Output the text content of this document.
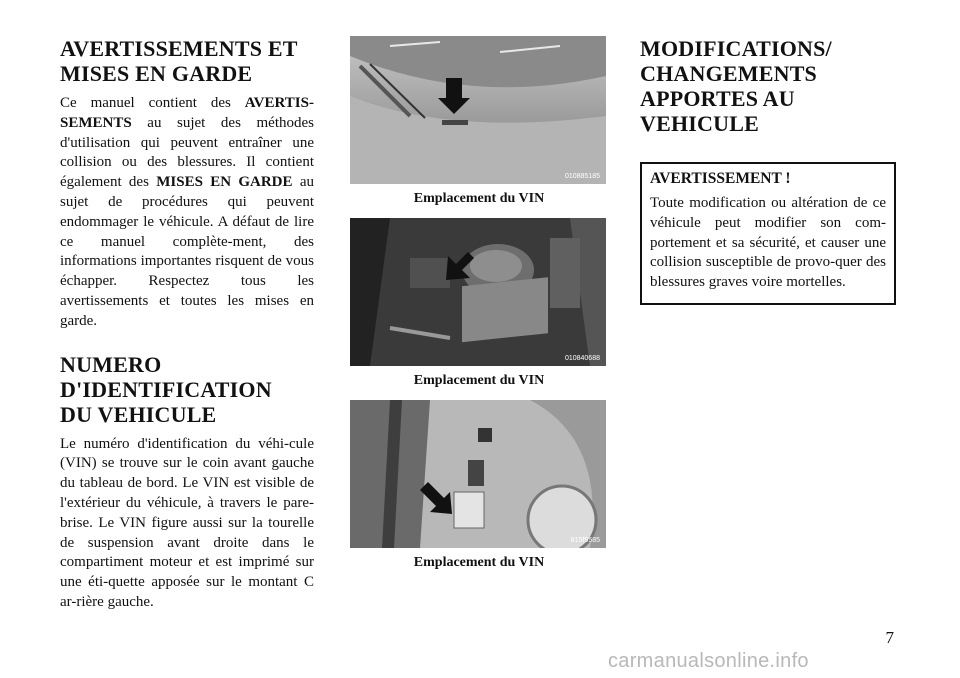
AVERTISSEMENTS ET
MISES EN GARDE

Ce manuel contient des AVERTIS-SEMENTS au sujet des méthodes d'utilisation qui peuvent entraîner une collision ou des blessures. Il contient également des MISES EN GARDE au sujet de procédures qui peuvent endommager le véhicule. A défaut de lire ce manuel complète-ment, des informations importantes risquent de vous échapper. Respectez tous les avertissements et toutes les mises en garde.

NUMERO
D'IDENTIFICATION
DU VEHICULE

Le numéro d'identification du véhi-cule (VIN) se trouve sur le coin avant gauche du tableau de bord. Le VIN est visible de l'extérieur du véhicule, à travers le pare-brise. Le VIN figure aussi sur la tourelle de suspension avant droite dans le compartiment moteur et est imprimé sur une éti-quette apposée sur le montant C ar-rière gauche.

010885185
Emplacement du VIN
010840688
Emplacement du VIN
815f9585
Emplacement du VIN
MODIFICATIONS/
CHANGEMENTS
APPORTES AU
VEHICULE
AVERTISSEMENT !

Toute modification ou altération de ce véhicule peut modifier son com-portement et sa sécurité, et causer une collision susceptible de provo-quer des blessures graves voire mortelles.

7
carmanualsonline.info
